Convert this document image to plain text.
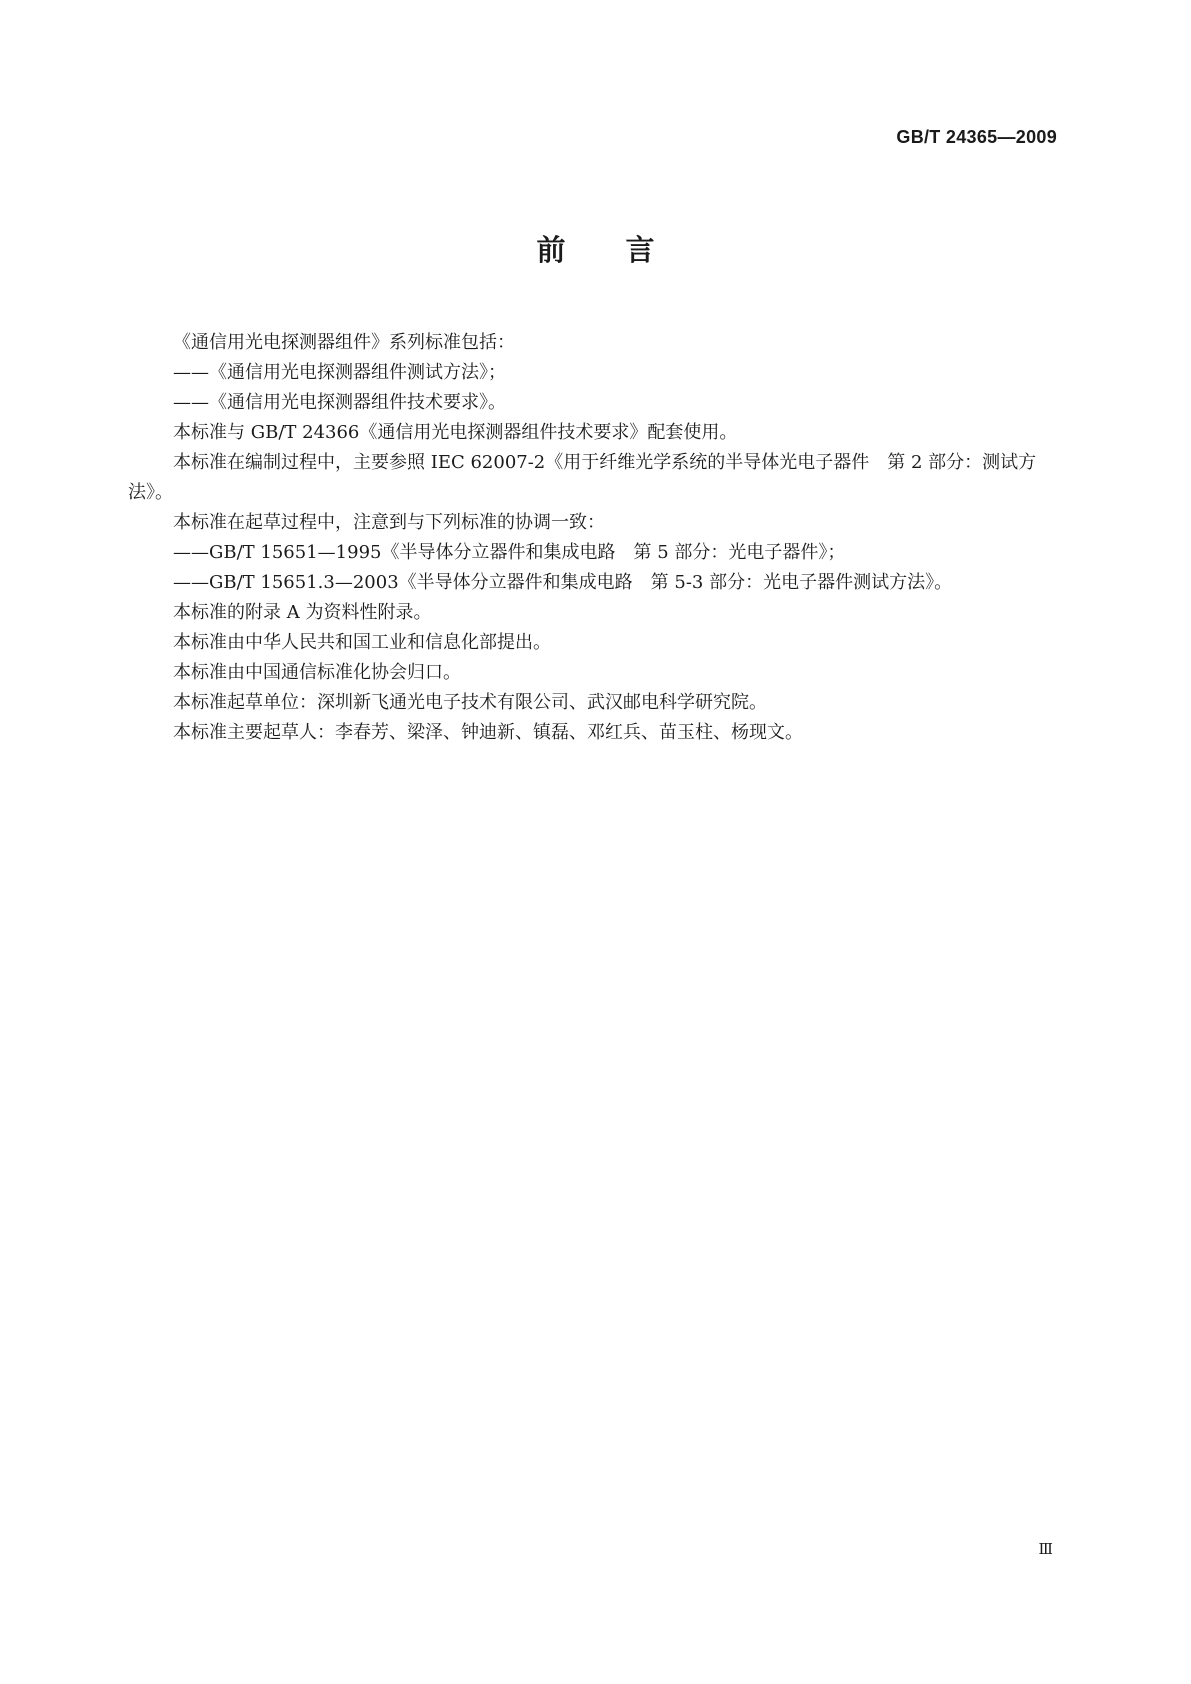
GB/T 24365—2009
前言

《通信用光电探测器组件》系列标准包括：

——《通信用光电探测器组件测试方法》；

——《通信用光电探测器组件技术要求》。

本标准与 GB/T 24366《通信用光电探测器组件技术要求》配套使用。

本标准在编制过程中，主要参照 IEC 62007-2《用于纤维光学系统的半导体光电子器件　第 2 部分：测试方法》。

本标准在起草过程中，注意到与下列标准的协调一致：

——GB/T 15651—1995《半导体分立器件和集成电路　第 5 部分：光电子器件》；

——GB/T 15651.3—2003《半导体分立器件和集成电路　第 5-3 部分：光电子器件测试方法》。

本标准的附录 A 为资料性附录。

本标准由中华人民共和国工业和信息化部提出。

本标准由中国通信标准化协会归口。

本标准起草单位：深圳新飞通光电子技术有限公司、武汉邮电科学研究院。

本标准主要起草人：李春芳、梁泽、钟迪新、镇磊、邓红兵、苗玉柱、杨现文。

Ⅲ
